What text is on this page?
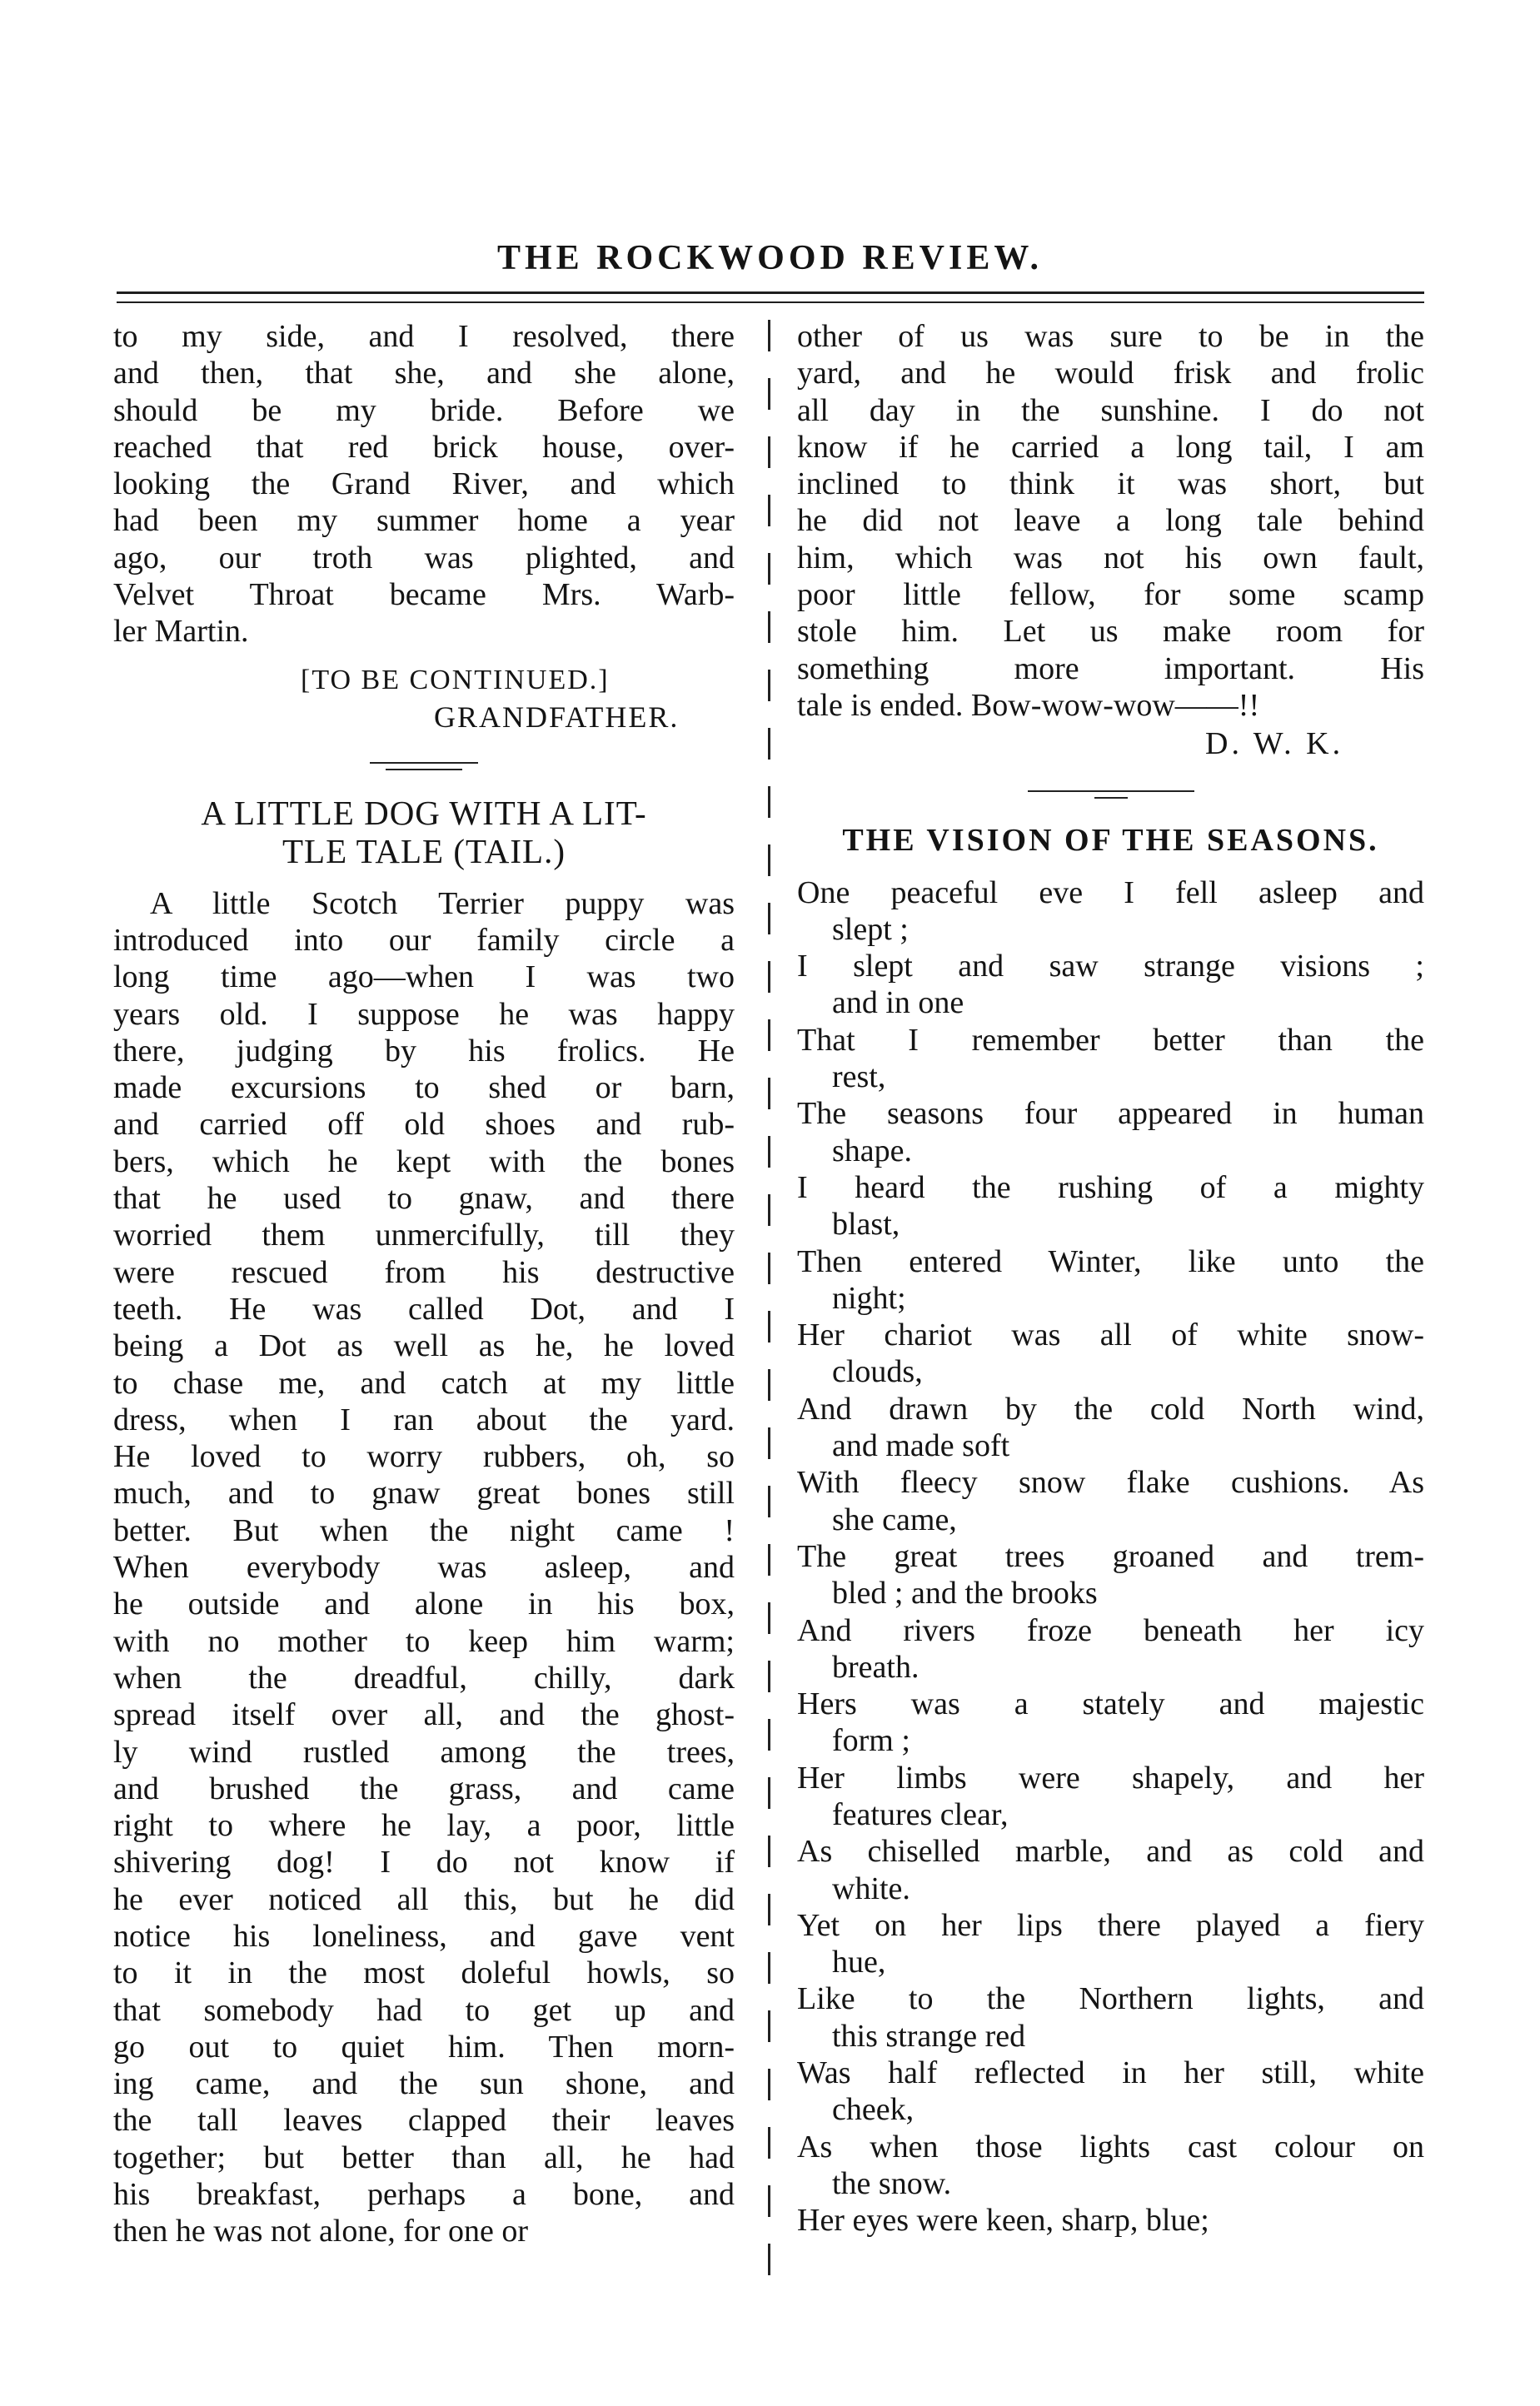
THE ROCKWOOD REVIEW.
to my side, and I resolved, there
and then, that she, and she alone,
should be my bride. Before we
reached that red brick house, over-
looking the Grand River, and which
had been my summer home a year
ago, our troth was plighted, and
Velvet Throat became Mrs. Warb-
ler Martin.
[TO BE CONTINUED.]
GRANDFATHER.
A LITTLE DOG WITH A LIT-
TLE TALE (TAIL.)
A little Scotch Terrier puppy was
introduced into our family circle a
long time ago—when I was two
years old. I suppose he was happy
there, judging by his frolics. He
made excursions to shed or barn,
and carried off old shoes and rub-
bers, which he kept with the bones
that he used to gnaw, and there
worried them unmercifully, till they
were rescued from his destructive
teeth. He was called Dot, and I
being a Dot as well as he, he loved
to chase me, and catch at my little
dress, when I ran about the yard.
He loved to worry rubbers, oh, so
much, and to gnaw great bones still
better. But when the night came !
When everybody was asleep, and
he outside and alone in his box,
with no mother to keep him warm;
when the dreadful, chilly, dark
spread itself over all, and the ghost-
ly wind rustled among the trees,
and brushed the grass, and came
right to where he lay, a poor, little
shivering dog! I do not know if
he ever noticed all this, but he did
notice his loneliness, and gave vent
to it in the most doleful howls, so
that somebody had to get up and
go out to quiet him. Then morn-
ing came, and the sun shone, and
the tall leaves clapped their leaves
together; but better than all, he had
his breakfast, perhaps a bone, and
then he was not alone, for one or
other of us was sure to be in the
yard, and he would frisk and frolic
all day in the sunshine. I do not
know if he carried a long tail, I am
inclined to think it was short, but
he did not leave a long tale behind
him, which was not his own fault,
poor little fellow, for some scamp
stole him. Let us make room for
something more important. His
tale is ended. Bow-wow-wow——!!
D. W. K.
THE VISION OF THE SEASONS.
One peaceful eve I fell asleep and
slept ;
I slept and saw strange visions ;
and in one
That I remember better than the
rest,
The seasons four appeared in human
shape.
I heard the rushing of a mighty
blast,
Then entered Winter, like unto the
night;
Her chariot was all of white snow-
clouds,
And drawn by the cold North wind,
and made soft
With fleecy snow flake cushions. As
she came,
The great trees groaned and trem-
bled ; and the brooks
And rivers froze beneath her icy
breath.
Hers was a stately and majestic
form ;
Her limbs were shapely, and her
features clear,
As chiselled marble, and as cold and
white.
Yet on her lips there played a fiery
hue,
Like to the Northern lights, and
this strange red
Was half reflected in her still, white
cheek,
As when those lights cast colour on
the snow.
Her eyes were keen, sharp, blue;
